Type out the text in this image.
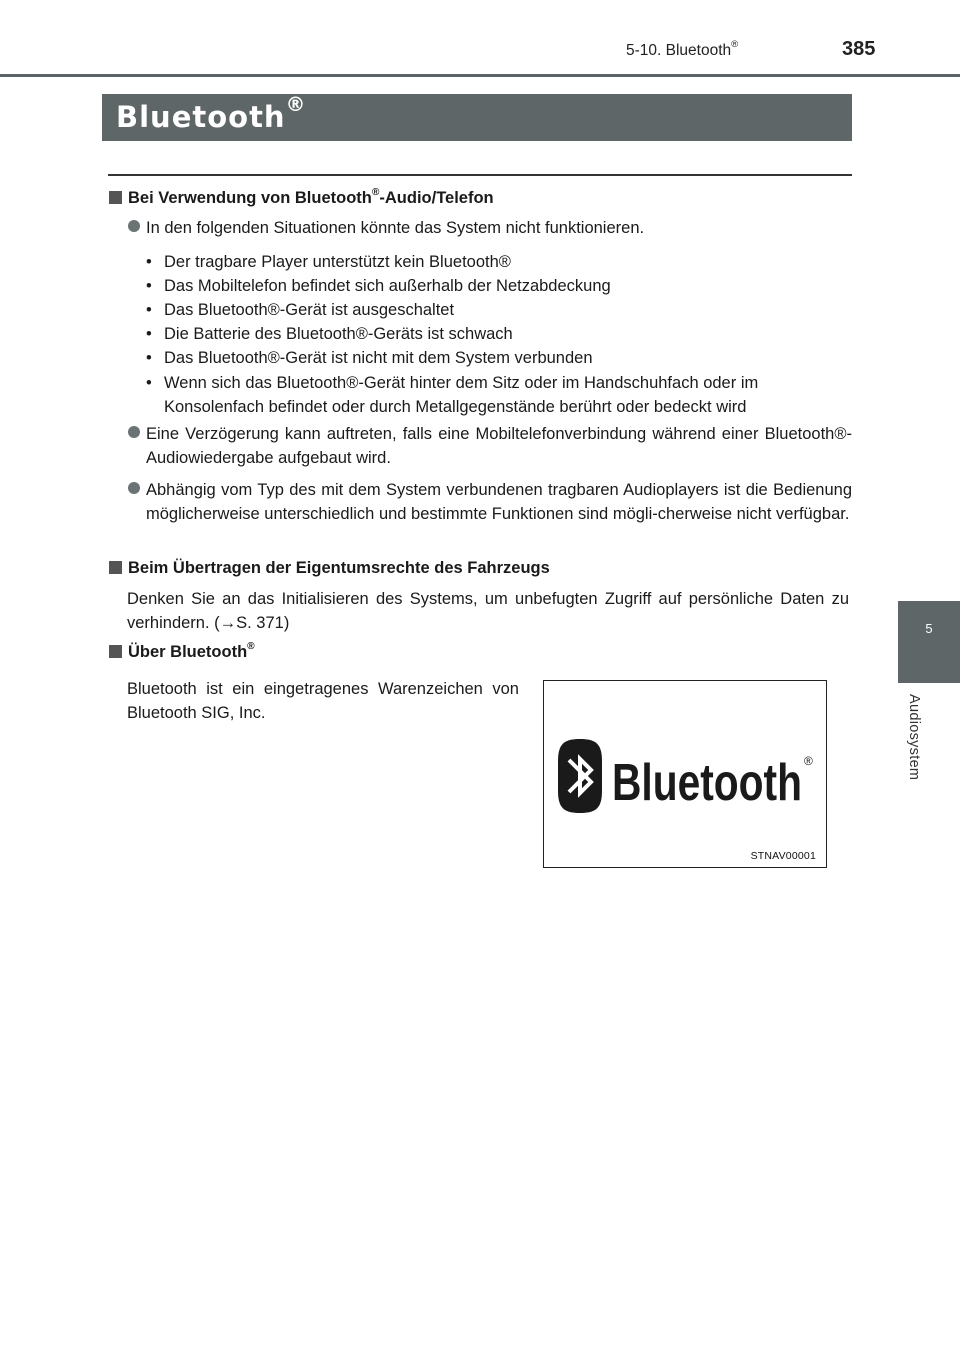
5-10. Bluetooth®	385
Bluetooth®
5
Audiosystem
Bei Verwendung von Bluetooth®-Audio/Telefon
In den folgenden Situationen könnte das System nicht funktionieren.
• Der tragbare Player unterstützt kein Bluetooth®
• Das Mobiltelefon befindet sich außerhalb der Netzabdeckung
• Das Bluetooth®-Gerät ist ausgeschaltet
• Die Batterie des Bluetooth®-Geräts ist schwach
• Das Bluetooth®-Gerät ist nicht mit dem System verbunden
• Wenn sich das Bluetooth®-Gerät hinter dem Sitz oder im Handschuhfach oder im
Konsolenfach befindet oder durch Metallgegenstände berührt oder bedeckt wird
Eine Verzögerung kann auftreten, falls eine Mobiltelefonverbindung während einer Bluetooth®-Audiowiedergabe aufgebaut wird.
Abhängig vom Typ des mit dem System verbundenen tragbaren Audioplayers ist die Bedienung möglicherweise unterschiedlich und bestimmte Funktionen sind mögli-cherweise nicht verfügbar.
Beim Übertragen der Eigentumsrechte des Fahrzeugs
Denken Sie an das Initialisieren des Systems, um unbefugten Zugriff auf persönliche Daten zu verhindern. (→S. 371)
Über Bluetooth®
Bluetooth ist ein eingetragenes Warenzeichen von Bluetooth SIG, Inc.
Bluetooth ®
STNAV00001
